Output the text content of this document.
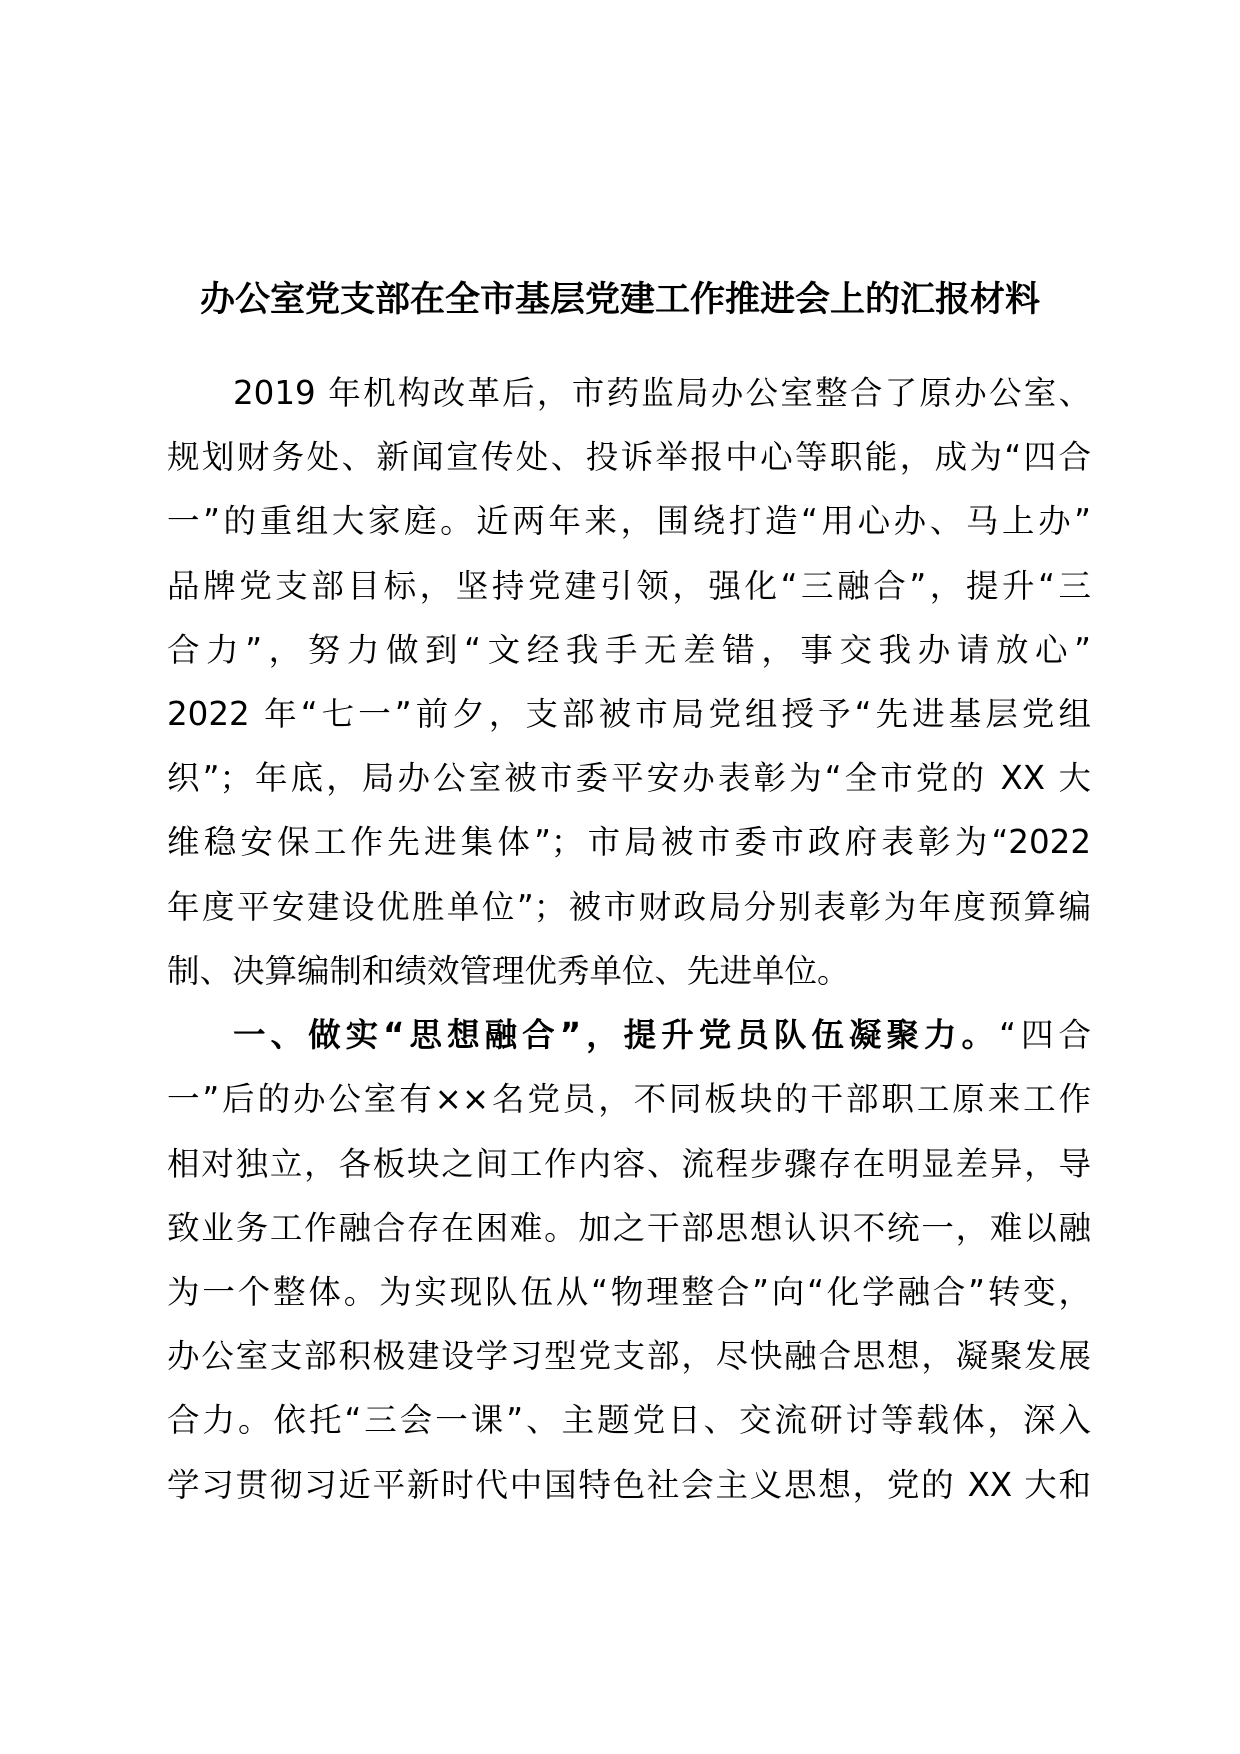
办公室党支部在全市基层党建工作推进会上的汇报材料
2019 年机构改革后，市药监局办公室整合了原办公室、
规划财务处、新闻宣传处、投诉举报中心等职能，成为“四合
一”的重组大家庭。近两年来，围绕打造“用心办、马上办”
品牌党支部目标，坚持党建引领，强化“三融合”，提升“三
合力”，努力做到“文经我手无差错，事交我办请放心”
2022 年“七一”前夕，支部被市局党组授予“先进基层党组
织”；年底，局办公室被市委平安办表彰为“全市党的 XX 大
维稳安保工作先进集体”；市局被市委市政府表彰为“2022
年度平安建设优胜单位”；被市财政局分别表彰为年度预算编
制、决算编制和绩效管理优秀单位、先进单位。
一、做实“思想融合”，提升党员队伍凝聚力。“四合
一”后的办公室有××名党员，不同板块的干部职工原来工作
相对独立，各板块之间工作内容、流程步骤存在明显差异，导
致业务工作融合存在困难。加之干部思想认识不统一，难以融
为一个整体。为实现队伍从“物理整合”向“化学融合”转变，
办公室支部积极建设学习型党支部，尽快融合思想，凝聚发展
合力。依托“三会一课”、主题党日、交流研讨等载体，深入
学习贯彻习近平新时代中国特色社会主义思想，党的 XX 大和
